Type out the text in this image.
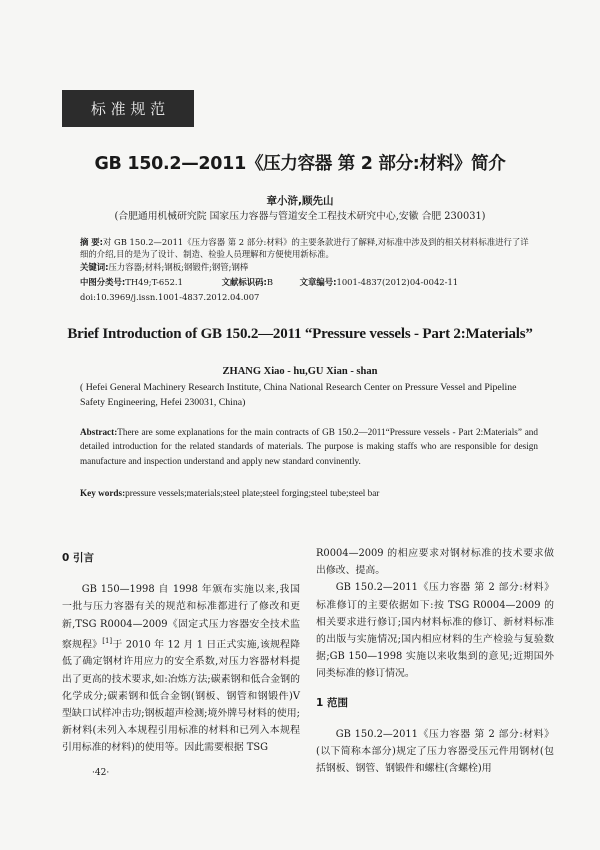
标 准 规 范
GB 150.2—2011《压力容器 第 2 部分:材料》简介
章小浒,顾先山
(合肥通用机械研究院 国家压力容器与管道安全工程技术研究中心,安徽 合肥 230031)
摘 要:对 GB 150.2—2011《压力容器 第 2 部分:材料》的主要条款进行了解释,对标准中涉及到的相关材料标准进行了详细的介绍,目的是为了设计、制造、检验人员理解和方便使用新标准。
关键词:压力容器;材料;钢板;钢锻件;钢管;钢棒
中图分类号:TH49;T-652.1	文献标识码:B	文章编号:1001-4837(2012)04-0042-11
doi:10.3969/j.issn.1001-4837.2012.04.007
Brief Introduction of GB 150.2—2011 “Pressure vessels - Part 2:Materials”
ZHANG Xiao - hu,GU Xian - shan
( Hefei General Machinery Research Institute, China National Research Center on Pressure Vessel and Pipeline Safety Engineering, Hefei 230031, China)
Abstract:There are some explanations for the main contracts of GB 150.2—2011“Pressure vessels - Part 2:Materials” and detailed introduction for the related standards of materials. The purpose is making staffs who are responsible for design manufacture and inspection understand and apply new standard convinently.
Key words:pressure vessels;materials;steel plate;steel forging;steel tube;steel bar

0 引言

GB 150—1998 自 1998 年颁布实施以来,我国一批与压力容器有关的规范和标准都进行了修改和更新,TSG R0004—2009《固定式压力容器安全技术监察规程》[1]于 2010 年 12 月 1 日正式实施,该规程降低了确定钢材许用应力的安全系数,对压力容器材料提出了更高的技术要求,如:冶炼方法;碳素钢和低合金钢的化学成分;碳素钢和低合金钢(钢板、钢管和钢锻件)V 型缺口试样冲击功;钢板超声检测;境外牌号材料的使用;新材料(未列入本规程引用标准的材料和已列入本规程引用标准的材料)的使用等。因此需要根据 TSG

R0004—2009 的相应要求对钢材标准的技术要求做出修改、提高。

GB 150.2—2011《压力容器 第 2 部分:材料》标准修订的主要依据如下:按 TSG R0004—2009 的相关要求进行修订;国内材料标准的修订、新材料标准的出版与实施情况;国内相应材料的生产检验与复验数据;GB 150—1998 实施以来收集到的意见;近期国外同类标准的修订情况。

1 范围

GB 150.2—2011《压力容器 第 2 部分:材料》(以下简称本部分)规定了压力容器受压元件用钢材(包括钢板、钢管、钢锻件和螺柱(含螺栓)用

·42·
